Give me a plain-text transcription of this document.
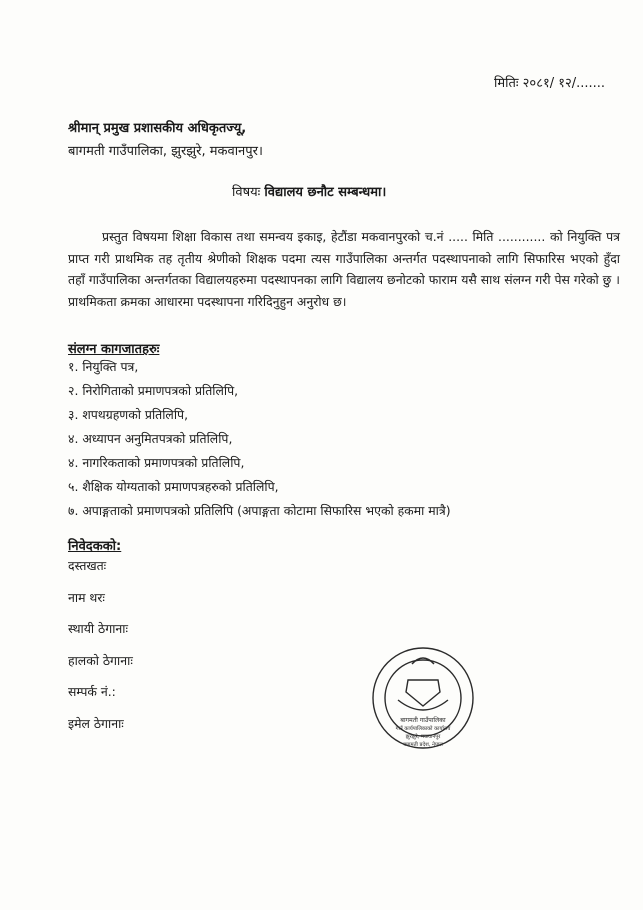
मितिः २०८१/ १२/.......
श्रीमान् प्रमुख प्रशासकीय अधिकृतज्यू,
बागमती गाउँपालिका, झुरझुरे, मकवानपुर।
विषयः विद्यालय छनौट सम्बन्धमा।

प्रस्तुत विषयमा शिक्षा विकास तथा समन्वय इकाइ, हेटौंडा मकवानपुरको च.नं ..... मिति ............ को नियुक्ति पत्र प्राप्त गरी प्राथमिक तह तृतीय श्रेणीको शिक्षक पदमा त्यस गाउँपालिका अन्तर्गत पदस्थापनाको लागि सिफारिस भएको हुँदा तहाँ गाउँपालिका अन्तर्गतका विद्यालयहरुमा पदस्थापनका लागि विद्यालय छनोटको फाराम यसै साथ संलग्न गरी पेस गरेको छु । प्राथमिकता क्रमका आधारमा पदस्थापना गरिदिनुहुन अनुरोध छ।

संलग्न कागजातहरुः
१. नियुक्ति पत्र,
२. निरोगिताको प्रमाणपत्रको प्रतिलिपि,
३. शपथग्रहणको प्रतिलिपि,
४. अध्यापन अनुमितपत्रको प्रतिलिपि,
४. नागरिकताको प्रमाणपत्रको प्रतिलिपि,
५. शैक्षिक योग्यताको प्रमाणपत्रहरुको प्रतिलिपि,
७. अपाङ्गताको प्रमाणपत्रको प्रतिलिपि (अपाङ्गता कोटामा सिफारिस भएको हकमा मात्रै)
निवेदकको:
दस्तखतः
नाम थरः
स्थायी ठेगानाः
हालको ठेगानाः
सम्पर्क नं.:
इमेल ठेगानाः	बागमती गाउँपालिका
गाउँ कार्यपालिकाको कार्यालय
झुरझुरे, मकवानपुर
बागमती प्रदेश, नेपाल
